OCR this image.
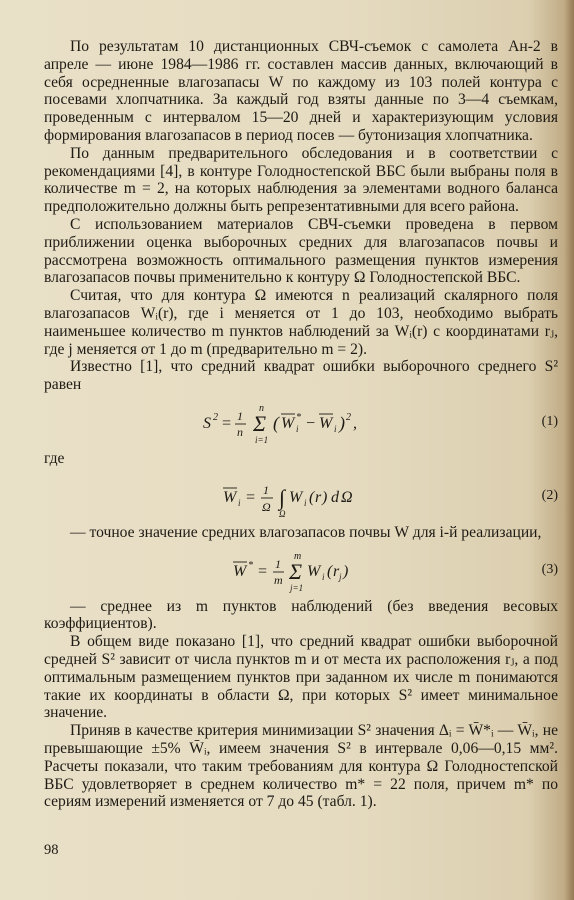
По результатам 10 дистанционных СВЧ-съемок с самолета Ан-2 в апреле — июне 1984—1986 гг. составлен массив данных, включающий в себя осредненные влагозапасы W по каждому из 103 полей контура с посевами хлопчатника. За каждый год взяты данные по 3—4 съемкам, проведенным с интервалом 15—20 дней и характеризующим условия формирования влагозапасов в период посев — бутонизация хлопчатника.

По данным предварительного обследования и в соответствии с рекомендациями [4], в контуре Голодностепской ВБС были выбраны поля в количестве m = 2, на которых наблюдения за элементами водного баланса предположительно должны быть репрезентативными для всего района.

С использованием материалов СВЧ-съемки проведена в первом приближении оценка выборочных средних для влагозапасов почвы и рассмотрена возможность оптимального размещения пунктов измерения влагозапасов почвы применительно к контуру Ω Голодностепской ВБС.

Считая, что для контура Ω имеются n реализаций скалярного поля влагозапасов Wᵢ(r), где i меняется от 1 до 103, необходимо выбрать наименьшее количество m пунктов наблюдений за Wᵢ(r) с координатами rⱼ, где j меняется от 1 до m (предварительно m = 2).

Известно [1], что средний квадрат ошибки выборочного среднего S² равен

S 2 = 1
n
n
Σ
i=1
( W i
* − W i ) 2 ,	(1)

где

W i = 1
Ω ∫
Ω
W i ( r ) d Ω	(2)

— точное значение средних влагозапасов почвы W для i-й реализации,

W * = 1
m
m
Σ
j=1
W i ( r j )	(3)

— среднее из m пунктов наблюдений (без введения весовых коэффициентов).

В общем виде показано [1], что средний квадрат ошибки выборочной средней S² зависит от числа пунктов m и от места их расположения rⱼ, а под оптимальным размещением пунктов при заданном их числе m понимаются такие их координаты в области Ω, при которых S² имеет минимальное значение.

Приняв в качестве критерия минимизации S² значения Δᵢ = W̄*ᵢ — W̄ᵢ, не превышающие ±5% W̄ᵢ, имеем значения S² в интервале 0,06—0,15 мм². Расчеты показали, что таким требованиям для контура Ω Голодностепской ВБС удовлетворяет в среднем количество m* = 22 поля, причем m* по сериям измерений изменяется от 7 до 45 (табл. 1).

98
